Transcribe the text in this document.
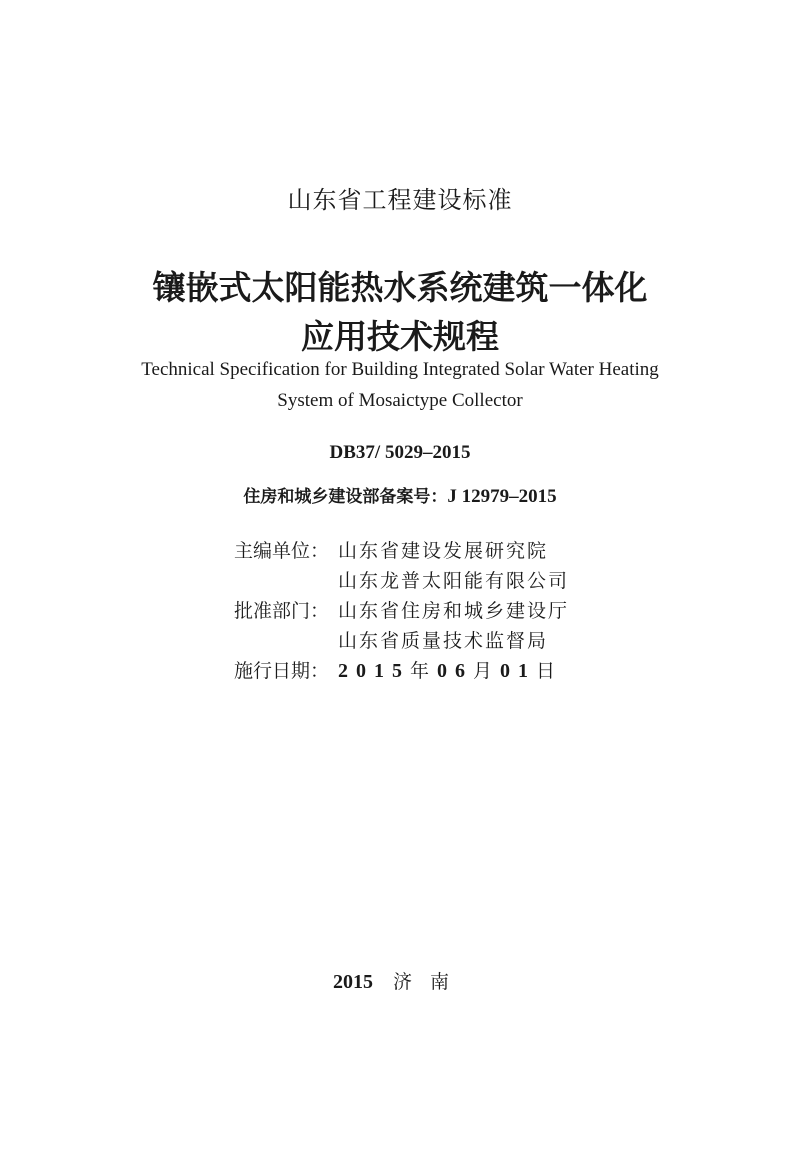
山东省工程建设标准
镶嵌式太阳能热水系统建筑一体化
应用技术规程
Technical Specification for Building Integrated Solar Water Heating
System of Mosaictype Collector
DB37/ 5029–2015
住房和城乡建设部备案号：J 12979–2015
主编单位： 山东省建设发展研究院
山东龙普太阳能有限公司
批准部门： 山东省住房和城乡建设厅
山东省质量技术监督局
施行日期： 2015年06月01日
2015 济南
